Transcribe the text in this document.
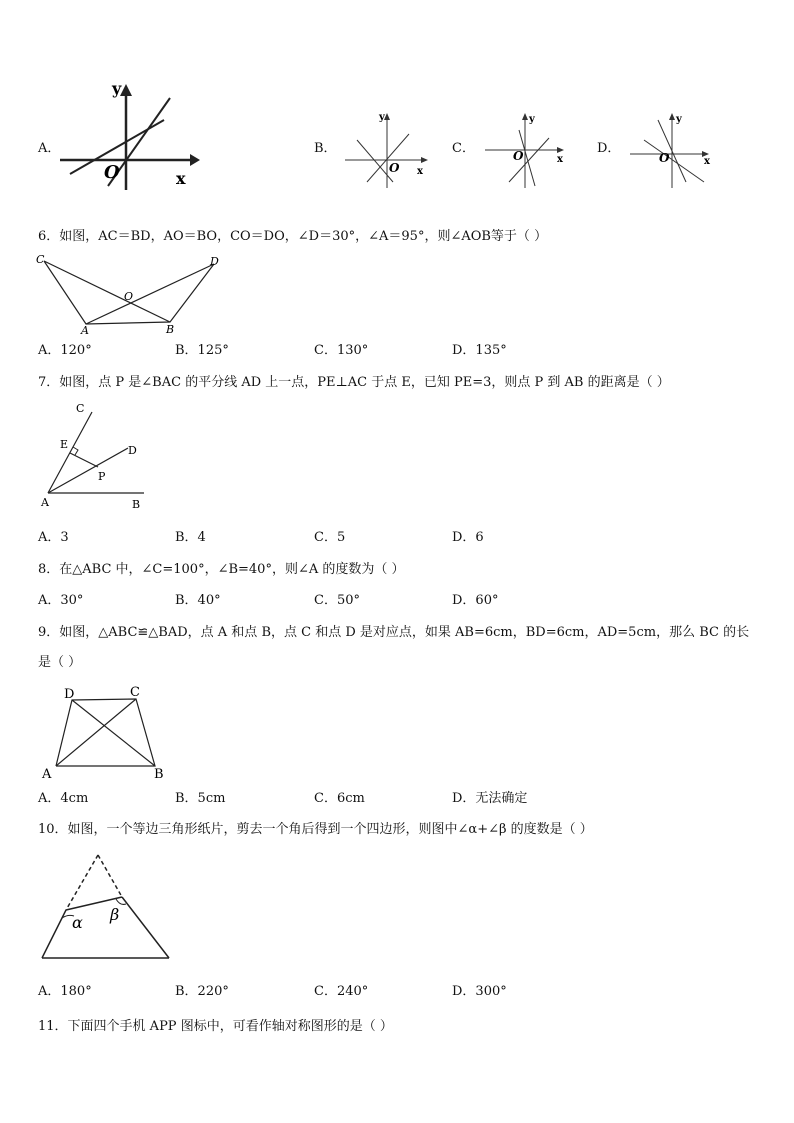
A．
y
O	x
B．
y
O x
C．
y
O	x
D．
y
O	x
6．如图，AC＝BD，AO＝BO，CO＝DO，∠D＝30°，∠A＝95°，则∠AOB等于（ ）
C	D
O
A	B
A．120°	B．125°	C．130°	D．135°
7．如图，点 P 是∠BAC 的平分线 AD 上一点，PE⊥AC 于点 E，已知 PE=3，则点 P 到 AB 的距离是（ ）
C
E	D
P
A	B
A．3	B．4	C．5	D．6
8．在△ABC 中，∠C=100°，∠B=40°，则∠A 的度数为（ ）
A．30°	B．40°	C．50°	D．60°
9．如图，△ABC≌△BAD，点 A 和点 B，点 C 和点 D 是对应点，如果 AB=6cm，BD=6cm，AD=5cm，那么 BC 的长
是（ ）
D	C
A	B
A．4cm	B．5cm	C．6cm	D．无法确定
10．如图，一个等边三角形纸片，剪去一个角后得到一个四边形，则图中∠α+∠β 的度数是（ ）
α β
A．180°	B．220°	C．240°	D．300°
11．下面四个手机 APP 图标中，可看作轴对称图形的是（ ）
